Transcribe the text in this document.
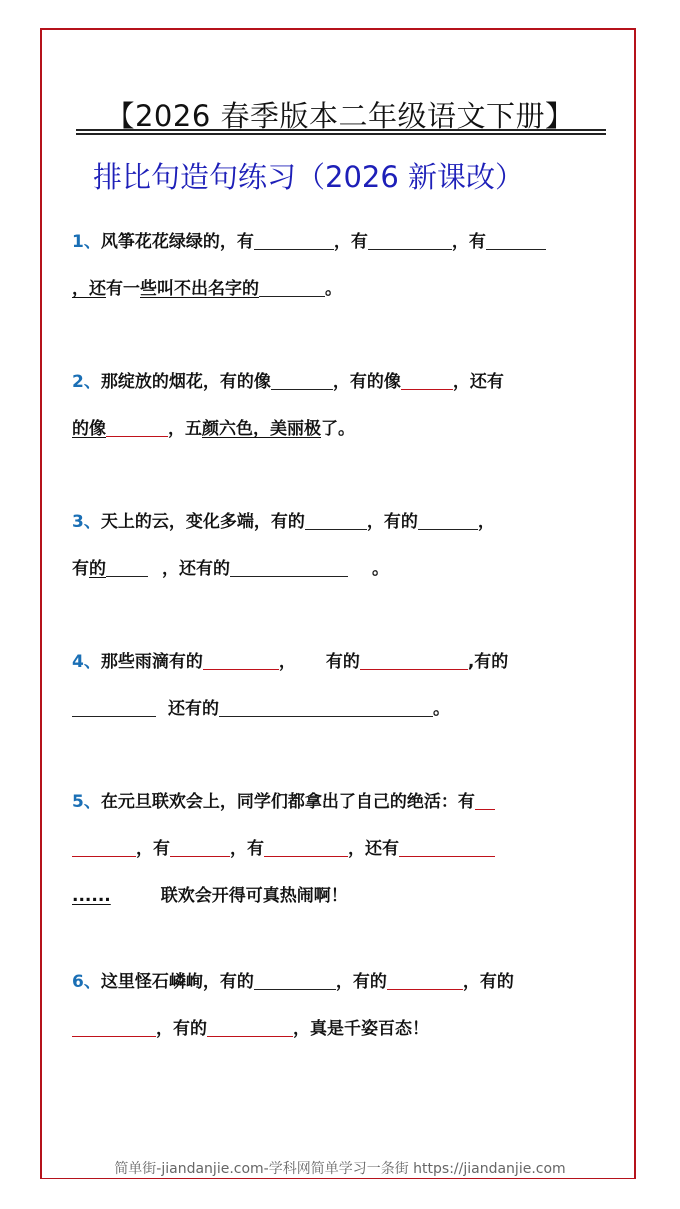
【2026 春季版本二年级语文下册】
排比句造句练习（2026 新课改）
1、风筝花花绿绿的，有	，有	，有
，还有一些叫不出名字的	。
2、那绽放的烟花，有的像	，有的像	，还有
的像	，五颜六色，美丽极了。
3、天上的云，变化多端，有的	，有的	，
有的	，还有的	。
4、那些雨滴有的	， 有的	,有的
还有的	。
5、在元旦联欢会上，同学们都拿出了自己的绝活：有
，有	，有	，还有
......	联欢会开得可真热闹啊！
6、这里怪石嶙峋，有的	，有的	，有的
，有的	，真是千姿百态！
简单街-jiandanjie.com-学科网简单学习一条街 https://jiandanjie.com
